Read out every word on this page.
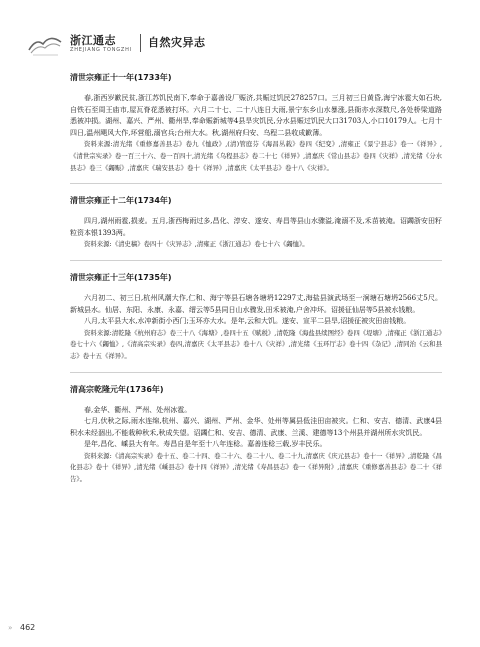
浙江通志
ZHEJIANG TONGZHI
自然灾异志
清世宗雍正十一年(1733年)

春,浙西岁歉民贫,浙江苏饥民南下,奉命于嘉善设厂赈济,共赈过饥民278257口。三月初三日黄昏,海宁冰雹大如石块,自铁石至周王庙市,屋瓦脊花悉被打坏。六月二十七、二十八连日大雨,景宁东乡山水暴涨,县衙亦水深数尺,各处桥梁道路悉被冲损。湖州、嘉兴、严州、衢州旱,奉命赈新城等4县旱灾饥民,分水县赈过饥民大口31703人,小口10179人。七月十四日,温州飓风大作,坏营船,溺官兵;台州大水。秋,湖州府归安、乌程二县收成歉薄。

资料来源:清光绪《重修嘉善县志》卷九《恤政》,(清)管庭芬《海昌丛载》卷四《纪变》,清雍正《景宁县志》卷一《祥异》,《清世宗实录》卷一百三十六、卷一百四十,清光绪《乌程县志》卷二十七《祥异》,清嘉庆《常山县志》卷四《灾祥》,清光绪《分水县志》卷三《蠲赈》,清嘉庆《瑞安县志》卷十《祥异》,清嘉庆《太平县志》卷十八《灾祥》。

清世宗雍正十二年(1734年)

四月,湖州雨雹,损麦。五月,浙西梅雨过多,昌化、淳安、遂安、寿昌等县山水骤溢,淹溺不及,禾苗被淹。诏蠲浙安田籽粒资本银1393两。

资料来源:《清史稿》卷四十《灾异志》,清雍正《浙江通志》卷七十六《蠲恤》。

清世宗雍正十三年(1735年)

六月初二、初三日,杭州风潮大作,仁和、海宁等县石塘各塘坍12297丈,海盐县演武场至一涧塘石塘坍2566丈5尺。新城县水。仙居、东阳、永康、永嘉、缙云等5县同日山水骤发,田禾被淹,户舍冲坏。诏援征仙居等5县被水钱粮。

八月,太平县大水,水冲新街小西门;玉环亦大水。是年,云和大饥。遂安、宣平二县旱,诏援征被灾田亩钱粮。

资料来源:清乾隆《杭州府志》卷三十八《海塘》,卷四十五《赋税》,清乾隆《海盐县续图经》卷四《堤塘》,清雍正《浙江通志》卷七十六《蠲恤》,《清高宗实录》卷四,清嘉庆《太平县志》卷十八《灾祥》,清光绪《玉环厅志》卷十四《杂记》,清同治《云和县志》卷十五《祥异》。

清高宗乾隆元年(1736年)

春,金华、衢州、严州、处州冰雹。

七月,伏秋之际,雨水连绵,杭州、嘉兴、湖州、严州、金华、处州等属县低洼田亩被灾。仁和、安吉、德清、武康4县积水未经涸出,不能栽种秋禾,秋成失望。诏蠲仁和、安吉、德清、武康、兰溪、建德等13个州县并湖州所水灾饥民。

是年,昌化、嵊县大有年。寿昌自是年至十八年连稔。嘉善连稔三载,岁丰民乐。

资料来源:《清高宗实录》卷十五、卷二十四、卷二十六、卷二十八、卷二十九,清嘉庆《庆元县志》卷十一《祥异》,清乾隆《昌化县志》卷十《祥异》,清光绪《嵊县志》卷十四《祥异》,清光绪《寿昌县志》卷一《祥异附》,清嘉庆《重修嘉善县志》卷二十《祥告》。

» 462
